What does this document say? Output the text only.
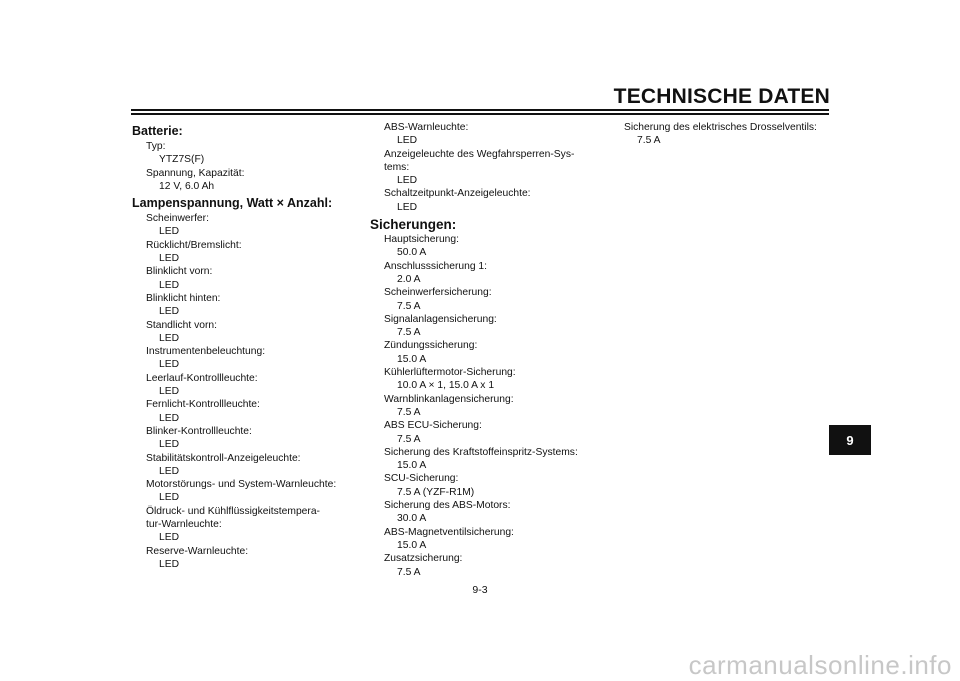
TECHNISCHE DATEN
Batterie:
Typ:
YTZ7S(F)
Spannung, Kapazität:
12 V, 6.0 Ah
Lampenspannung, Watt × Anzahl:
Scheinwerfer:
LED
Rücklicht/Bremslicht:
LED
Blinklicht vorn:
LED
Blinklicht hinten:
LED
Standlicht vorn:
LED
Instrumentenbeleuchtung:
LED
Leerlauf-Kontrollleuchte:
LED
Fernlicht-Kontrollleuchte:
LED
Blinker-Kontrollleuchte:
LED
Stabilitätskontroll-Anzeigeleuchte:
LED
Motorstörungs- und System-Warnleuchte:
LED
Öldruck- und Kühlflüssigkeitstempera-
tur-Warnleuchte:
LED
Reserve-Warnleuchte:
LED
ABS-Warnleuchte:
LED
Anzeigeleuchte des Wegfahrsperren-Sys-
tems:
LED
Schaltzeitpunkt-Anzeigeleuchte:
LED
Sicherungen:
Hauptsicherung:
50.0 A
Anschlusssicherung 1:
2.0 A
Scheinwerfersicherung:
7.5 A
Signalanlagensicherung:
7.5 A
Zündungssicherung:
15.0 A
Kühlerlüftermotor-Sicherung:
10.0 A × 1, 15.0 A x 1
Warnblinkanlagensicherung:
7.5 A
ABS ECU-Sicherung:
7.5 A
Sicherung des Kraftstoffeinspritz-Systems:
15.0 A
SCU-Sicherung:
7.5 A (YZF-R1M)
Sicherung des ABS-Motors:
30.0 A
ABS-Magnetventilsicherung:
15.0 A
Zusatzsicherung:
7.5 A
Sicherung des elektrisches Drosselventils:
7.5 A
9-3
9
carmanualsonline.info
